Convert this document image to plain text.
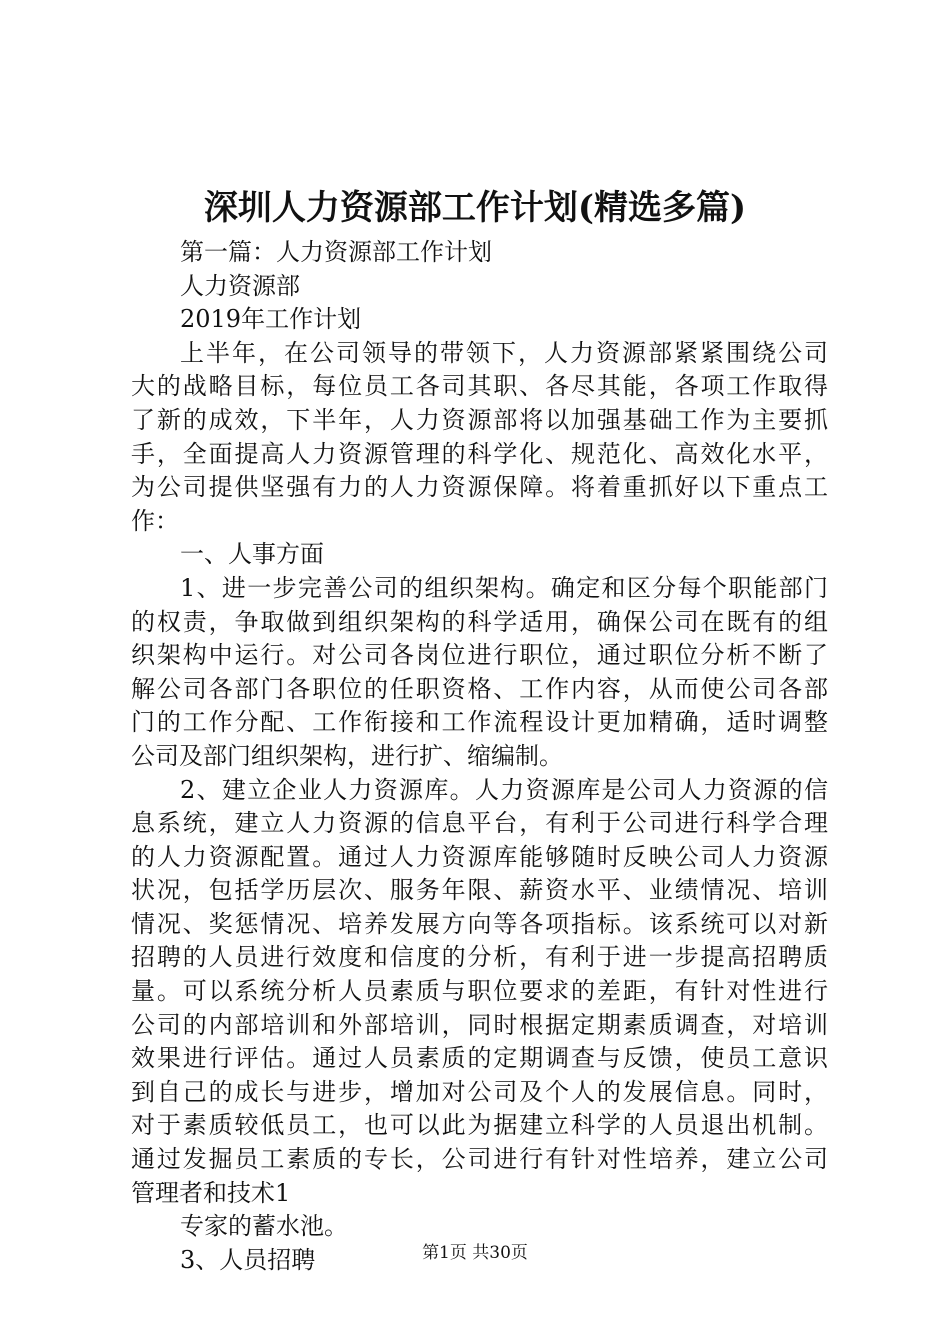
深圳人力资源部工作计划(精选多篇)
第一篇：人力资源部工作计划
人力资源部
2019年工作计划
上半年，在公司领导的带领下，人力资源部紧紧围绕公司
大的战略目标，每位员工各司其职、各尽其能，各项工作取得
了新的成效，下半年，人力资源部将以加强基础工作为主要抓
手，全面提高人力资源管理的科学化、规范化、高效化水平，
为公司提供坚强有力的人力资源保障。将着重抓好以下重点工
作：
一、人事方面
1、进一步完善公司的组织架构。确定和区分每个职能部门
的权责，争取做到组织架构的科学适用，确保公司在既有的组
织架构中运行。对公司各岗位进行职位，通过职位分析不断了
解公司各部门各职位的任职资格、工作内容，从而使公司各部
门的工作分配、工作衔接和工作流程设计更加精确，适时调整
公司及部门组织架构，进行扩、缩编制。
2、建立企业人力资源库。人力资源库是公司人力资源的信
息系统，建立人力资源的信息平台，有利于公司进行科学合理
的人力资源配置。通过人力资源库能够随时反映公司人力资源
状况，包括学历层次、服务年限、薪资水平、业绩情况、培训
情况、奖惩情况、培养发展方向等各项指标。该系统可以对新
招聘的人员进行效度和信度的分析，有利于进一步提高招聘质
量。可以系统分析人员素质与职位要求的差距，有针对性进行
公司的内部培训和外部培训，同时根据定期素质调查，对培训
效果进行评估。通过人员素质的定期调查与反馈，使员工意识
到自己的成长与进步，增加对公司及个人的发展信息。同时，
对于素质较低员工，也可以此为据建立科学的人员退出机制。
通过发掘员工素质的专长，公司进行有针对性培养，建立公司
管理者和技术1
专家的蓄水池。
3、人员招聘	第1页 共30页
